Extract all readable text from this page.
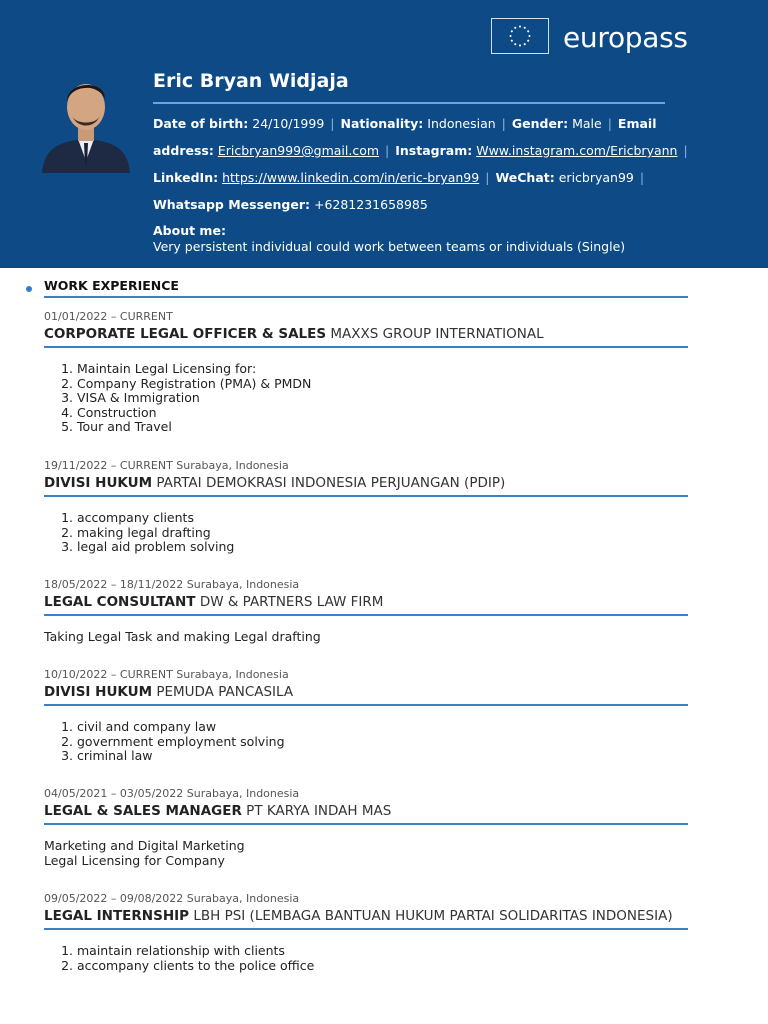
europass
Eric Bryan Widjaja
Date of birth: 24/10/1999 | Nationality: Indonesian | Gender: Male | Email
address: Ericbryan999@gmail.com | Instagram: Www.instagram.com/Ericbryann |
LinkedIn: https://www.linkedin.com/in/eric-bryan99 | WeChat: ericbryan99 |
Whatsapp Messenger: +6281231658985
About me:
Very persistent individual could work between teams or individuals (Single)
WORK EXPERIENCE
01/01/2022 – CURRENT
CORPORATE LEGAL OFFICER & SALES MAXXS GROUP INTERNATIONAL
1. Maintain Legal Licensing for:
2. Company Registration (PMA) & PMDN
3. VISA & Immigration
4. Construction
5. Tour and Travel
19/11/2022 – CURRENT Surabaya, Indonesia
DIVISI HUKUM PARTAI DEMOKRASI INDONESIA PERJUANGAN (PDIP)
1. accompany clients
2. making legal drafting
3. legal aid problem solving
18/05/2022 – 18/11/2022 Surabaya, Indonesia
LEGAL CONSULTANT DW & PARTNERS LAW FIRM
Taking Legal Task and making Legal drafting
10/10/2022 – CURRENT Surabaya, Indonesia
DIVISI HUKUM PEMUDA PANCASILA
1. civil and company law
2. government employment solving
3. criminal law
04/05/2021 – 03/05/2022 Surabaya, Indonesia
LEGAL & SALES MANAGER PT KARYA INDAH MAS
Marketing and Digital Marketing
Legal Licensing for Company
09/05/2022 – 09/08/2022 Surabaya, Indonesia
LEGAL INTERNSHIP LBH PSI (LEMBAGA BANTUAN HUKUM PARTAI SOLIDARITAS INDONESIA)
1. maintain relationship with clients
2. accompany clients to the police office
